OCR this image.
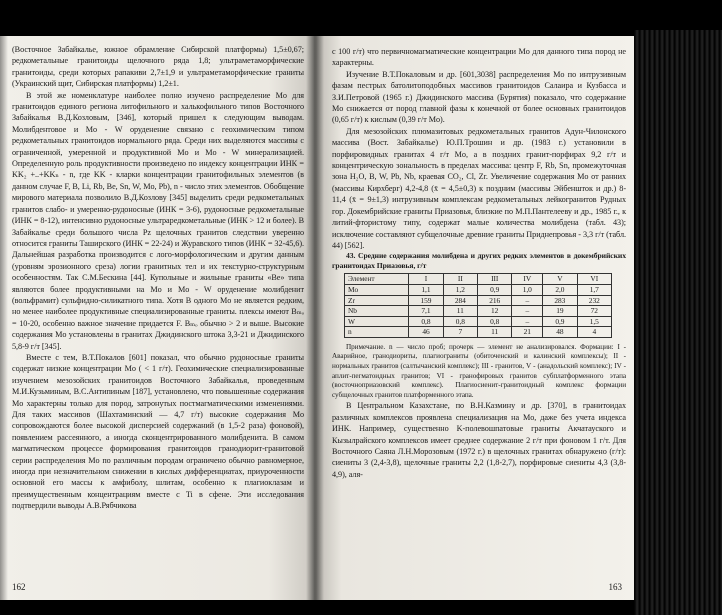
(Восточное Забайкалье, южное обрамление Сибирской платформы) 1,5±0,67; редкометальные гранитоиды щелочного ряда 1,8; ультраметаморфические гранитоиды, среди которых рапакиви 2,7±1,9 и ультраметаморфические граниты (Украинский щит, Сибирская платформы) 1,2±1.

В этой же номенклатуре наиболее полно изучено распределение Mo для гранитоидов единого региона литофильного и халькофильного типов Восточного Забайкалья В.Д.Козловым, [346], который пришел к следующим выводам. Молибдентовое и Mo - W оруденение связано с геохимическим типом редкометальных гранитоидов нормального ряда. Среди них выделяются массивы с ограниченной, умеренной и продуктивной Mo и Mo - W минерализацией. Определенную роль продуктивности произведено по индексу концентрации ИНК = KK₂ +..+KKₙ - n, где KK - кларки концентрации гранитофильных элементов (в данном случае F, B, Li, Rb, Be, Sn, W, Mo, Pb), n - число этих элементов. Обобщение мирового материала позволило В.Д.Козлову [345] выделить среди редкометальных гранитов слабо- и умеренно-рудоносные (ИНК = 3-6), рудоносные редкометальные (ИНК = 8-12), интенсивно рудоносные ультраредкометальные (ИНК > 12 и более). В Забайкалье среди большого числа Pz щелочных гранитов следствии уверенно относится граниты Таширского (ИНК = 22-24) и Журавского типов (ИНК = 32-45,6). Дальнейшая разработка производится с лого-морфологическим и другим данным (уровням эрозионного среза) логии гранитных тел и их текстурно-структурным особенностям. Так С.М.Бескина [44]. Купольные и жильные граниты «Be» типа являются более продуктивными на Mo и Mo - W оруденение молибденит (вольфрамит) сульфидно-силикатного типа. Хотя В одного Mo не является редким, но менее наиболее продуктивные специализированные граниты. плексы имеют Bₘₒ = 10-20, особенно важное значение придается F. Bₘₒ обычно > 2 и выше. Высокие содержания Mo установлены в гранитах Джидинского штока 3,3-21 и Джидинского 5,8-9 г/т [345].

Вместе с тем, В.Т.Покалов [601] показал, что обычно рудоносные граниты содержат низкие концентрации Mo ( < 1 г/т). Геохимические специализированные изучением мезозойских гранитоидов Восточного Забайкалья, проведенным М.И.Кузьминым, В.С.Антипиным [187], установлено, что повышенные содержания Mo характерны только для пород, затронутых постмагматическими изменениями. Для таких массивов (Шахтаминский — 4,7 г/т) высокие содержания Mo сопровождаются более высокой дисперсией содержаний (в 1,5-2 раза) фоновой), появлением рассеянного, а иногда сконцентрированного молибденита. В самом магматическом процессе формирования гранитоидов гранодиорит-гранитовой серии распределения Mo по различным породам ограничено обычно равномерное, иногда при незначительном снижении в кислых дифференциатах, приуроченности основной его массы к амфиболу, шлитам, особенно к плагиоклазам и преимущественным концентрациям вместе с Ti в сфене. Эти исследования подтвердили выводы А.В.Рябчикова

162

с 100 г/т) что первичномагматические концентрации Mo для данного типа пород не характерны.

Изучение В.Т.Покаловым и др. [601,3038] распределения Mo по интрузивным фазам пестрых батолитоподобных массивов гранитоидов Салаира и Кузбасса и З.И.Петровой (1965 г.) Джидинского массива (Бурятия) показало, что содержание Mo снижается от пород главной фазы к конечной от более основных гранитоидов (0,65 г/т) к кислым (0,39 г/т Mo).

Для мезозойских плюмазитовых редкометальных гранитов Адун-Чилонского массива (Вост. Забайкалье) Ю.П.Трошин и др. (1983 г.) установили в порфировидных гранитах 4 г/т Mo, а в поздних гранит-порфирах 9,2 г/т и концентрическую зональность в пределах массива: центр F, Rb, Sn, промежуточная зона H₂O, B, W, Pb, Nb, краевая CO₂, Cl, Zr. Увеличение содержания Mo от ранних (массивы Кирхберг) 4,2-4,8 (x̄ = 4,5±0,3) к поздним (массивы Эйбеншток и др.) 8-11,4 (x̄ = 9±1,3) интрузивным комплексам редкометальных лейкогранитов Рудных гор. Докембрийские граниты Приазовья, близкие по М.П.Пантелееву и др., 1985 г., к литий-фтористому типу, содержат малые количества молибдена (табл. 43); исключение составляют субщелочные древние граниты Приднепровья - 3,3 г/т (табл. 44) [562].

43. Средние содержания молибдена и других редких элементов в докембрийских гранитоидах Приазовья, г/т

Элемент	I	II	III	IV	V	VI
Mo	1,1	1,2	0,9	1,0	2,0	1,7
Zr	159	284	216	–	283	232
Nb	7,1	11	12	–	19	72
W	0,8	0,8	0,8	–	0,9	1,5
n	46	7	11	21	48	4

Примечание. n — число проб; прочерк — элемент не анализировался. Формации: I - Аварийное, гранодиориты, плагиограниты (обиточенский и калинский комплексы); II - нормальных гранитов (салтычанский комплекс); III - гранитов, V - (анадольский комплекс); IV - аплит-пегматоидных гранитов; VI - гранофировых гранитов субплатформенного этапа (восточноприазовский комплекс). Плагиосиенит-гранитоидный комплекс формации субщелочных гранитов платформенного этапа.

В Центральном Казахстане, по В.Н.Казмину и др. [370], в гранитоидах различных комплексов проявлена специализация на Mo, даже без учета индекса ИНК. Например, существенно K-полевошпатовые граниты Акчатауского и Кызылрайского комплексов имеет среднее содержание 2 г/т при фоновом 1 г/т. Для Восточного Саяна Л.Н.Морозовым (1972 г.) в щелочных гранитах обнаружено (г/т): сиениты 3 (2,4-3,8), щелочные граниты 2,2 (1,8-2,7), порфировые сиениты 4,3 (3,8-4,9), аля-

163
